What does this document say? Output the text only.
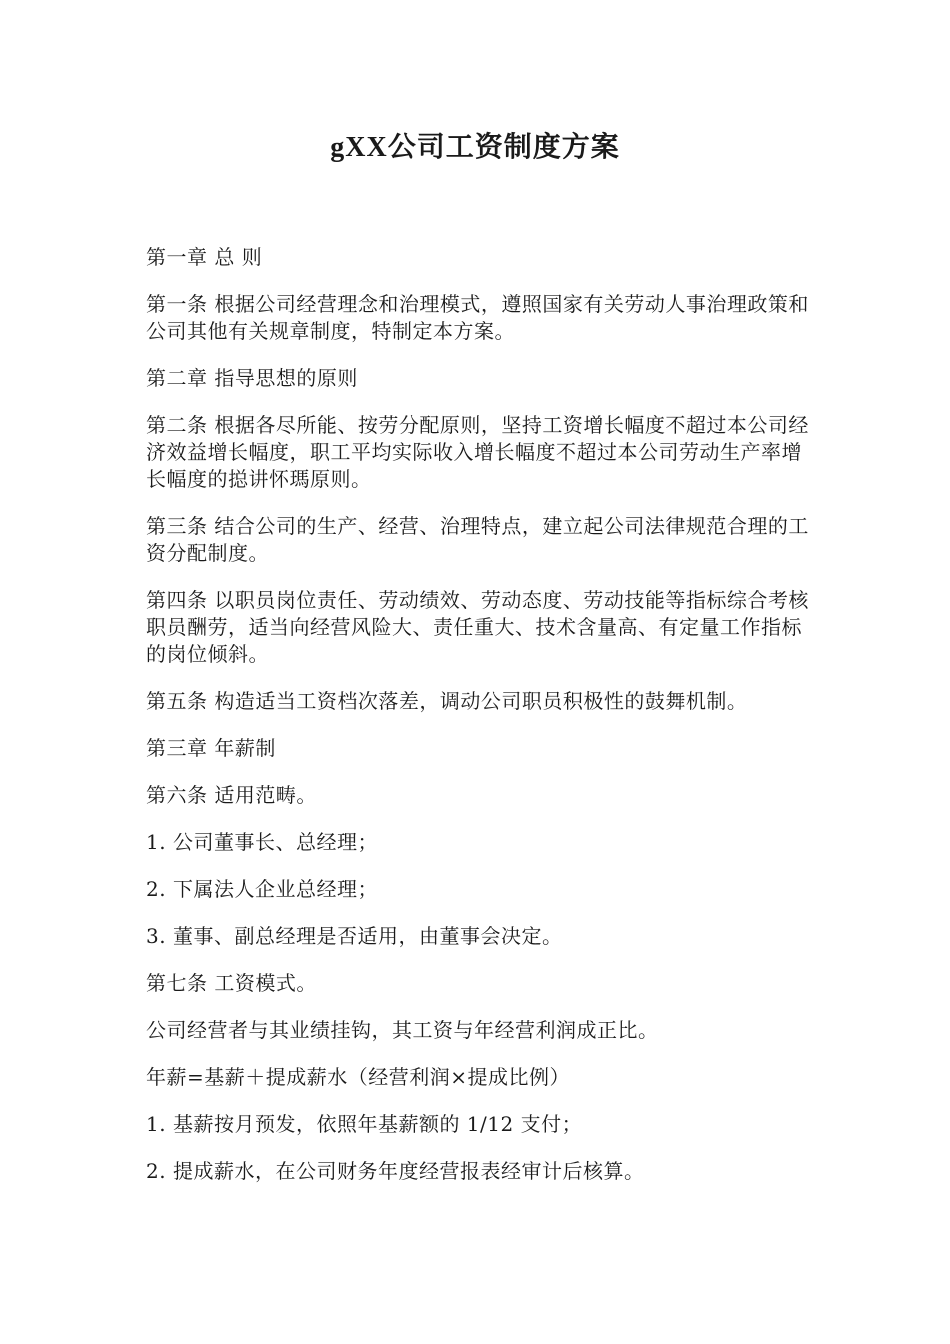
gXX公司工资制度方案

第一章 总 则

第一条 根据公司经营理念和治理模式，遵照国家有关劳动人事治理政策和公司其他有关规章制度，特制定本方案。

第二章 指导思想的原则

第二条 根据各尽所能、按劳分配原则，坚持工资增长幅度不超过本公司经济效益增长幅度，职工平均实际收入增长幅度不超过本公司劳动生产率增长幅度的搃讲怀瑪原则。

第三条 结合公司的生产、经营、治理特点，建立起公司法律规范合理的工资分配制度。

第四条 以职员岗位责任、劳动绩效、劳动态度、劳动技能等指标综合考核职员酬劳，适当向经营风险大、责任重大、技术含量高、有定量工作指标的岗位倾斜。

第五条 构造适当工资档次落差，调动公司职员积极性的鼓舞机制。

第三章 年薪制

第六条 适用范畴。

1. 公司董事长、总经理；

2. 下属法人企业总经理；

3. 董事、副总经理是否适用，由董事会决定。

第七条 工资模式。

公司经营者与其业绩挂钩，其工资与年经营利润成正比。

年薪=基薪＋提成薪水（经营利润×提成比例）

1. 基薪按月预发，依照年基薪额的 1/12 支付；

2. 提成薪水，在公司财务年度经营报表经审计后核算。
